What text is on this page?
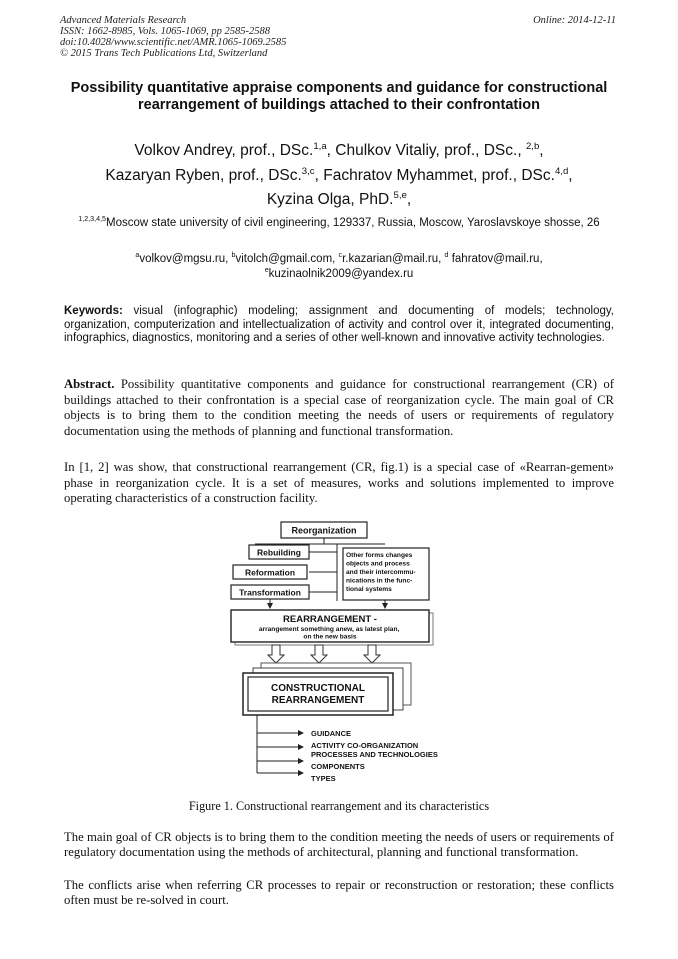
Advanced Materials Research
ISSN: 1662-8985, Vols. 1065-1069, pp 2585-2588
doi:10.4028/www.scientific.net/AMR.1065-1069.2585
© 2015 Trans Tech Publications Ltd, Switzerland
Online: 2014-12-11
Possibility quantitative appraise components and guidance for constructional rearrangement of buildings attached to their confrontation
Volkov Andrey, prof., DSc.$^{1,a}$, Chulkov Vitaliy, prof., DSc., $^{2,b}$,
Kazaryan Ryben, prof., DSc.$^{3,c}$, Fachratov Myhammet, prof., DSc.$^{4,d}$,
Kyzina Olga, PhD.$^{5,e}$,
$^{1,2,3,4,5}$Moscow state university of civil engineering, 129337, Russia, Moscow, Yaroslavskoye shosse, 26
$^a$volkov@mgsu.ru, $^b$vitolch@gmail.com, $^c$r.kazarian@mail.ru, $^d$ fahratov@mail.ru,
$^e$kuzinaolnik2009@yandex.ru
Keywords: visual (infographic) modeling; assignment and documenting of models; technology, organization, computerization and intellectualization of activity and control over it, integrated documenting, infographics, diagnostics, monitoring and a series of other well-known and innovative activity technologies.
Abstract. Possibility quantitative components and guidance for constructional rearrangement (CR) of buildings attached to their confrontation is a special case of reorganization cycle. The main goal of CR objects is to bring them to the condition meeting the needs of users or requirements of regulatory documentation using the methods of planning and functional transformation.
In [1, 2] was show, that constructional rearrangement (CR, fig.1) is a special case of «Rearran-gement» phase in reorganization cycle. It is a set of measures, works and solutions implemented to improve operating characteristics of a construction facility.
Reorganization
Rebuilding
Reformation
Transformation
Other forms changes objects and process and their intercommu- nications in the func- tional systems
REARRANGEMENT -
arrangement something anew, as latest plan, on the new basis
CONSTRUCTIONAL
REARRANGEMENT
GUIDANCE
ACTIVITY CO-ORGANIZATION
PROCESSES AND TECHNOLOGIES
COMPONENTS
TYPES
Figure 1. Constructional rearrangement and its characteristics
The main goal of CR objects is to bring them to the condition meeting the needs of users or requirements of regulatory documentation using the methods of architectural, planning and functional transformation.
The conflicts arise when referring CR processes to repair or reconstruction or restoration; these conflicts often must be re-solved in court.
